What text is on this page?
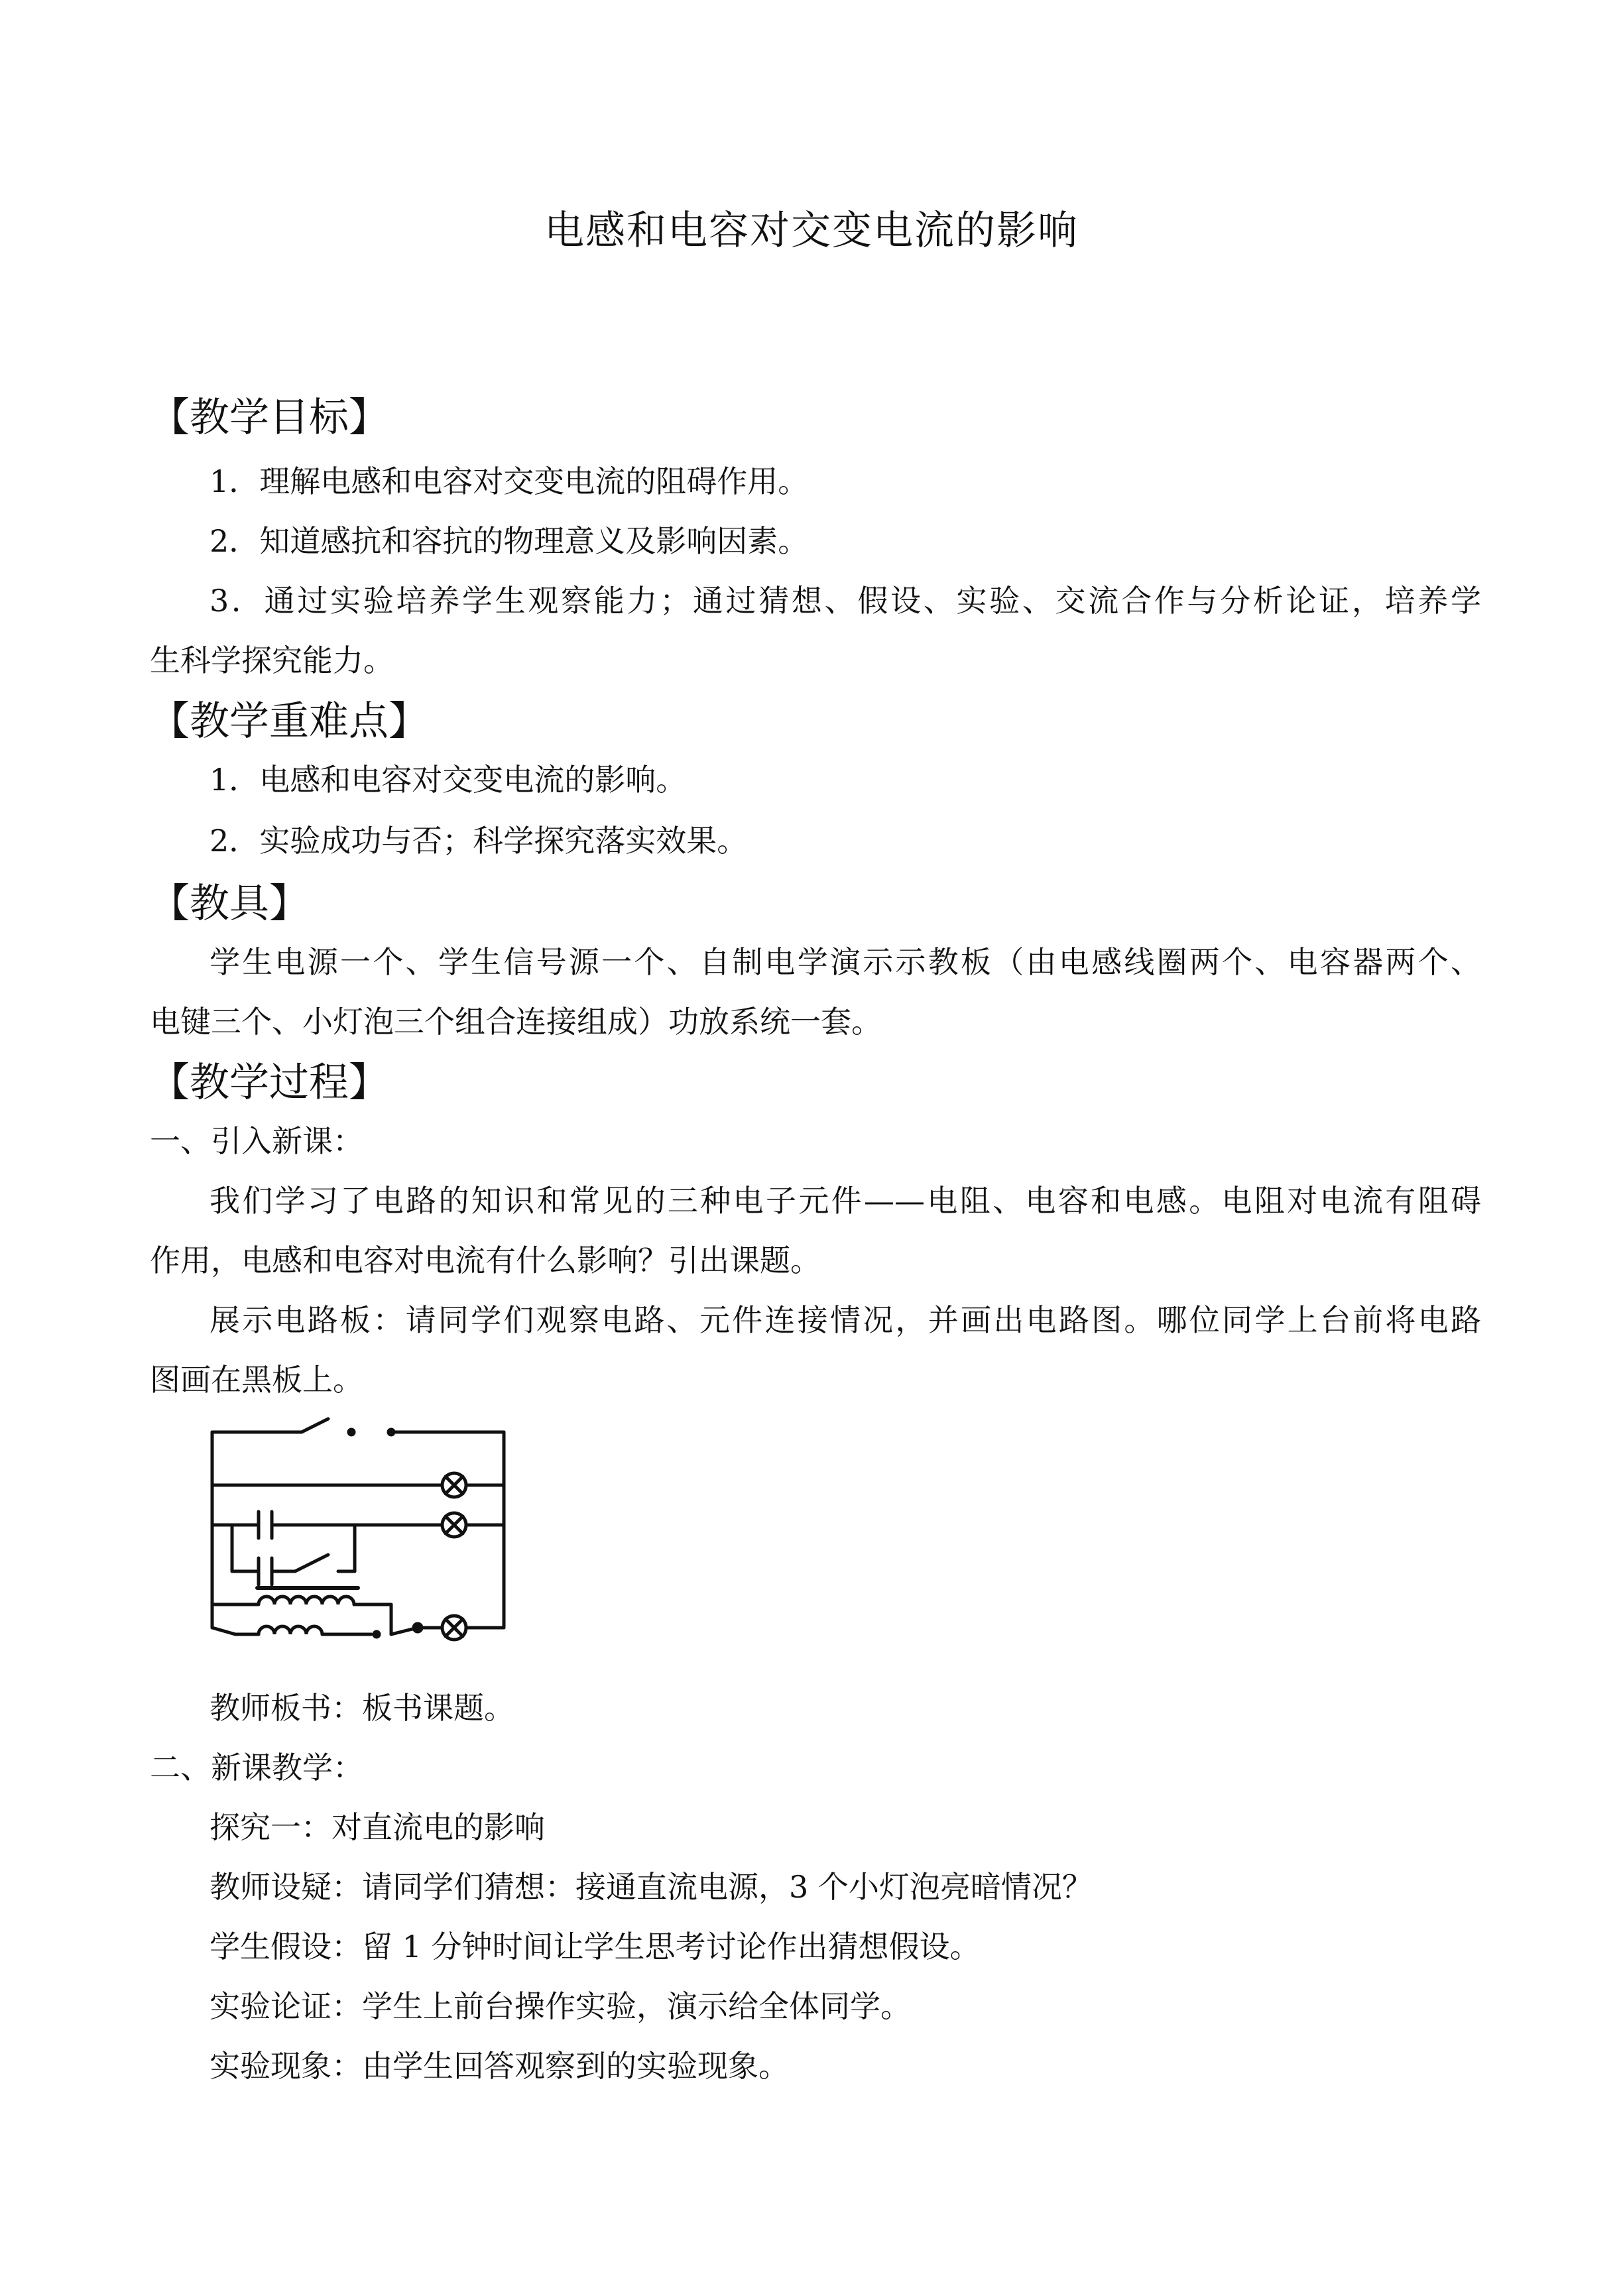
电感和电容对交变电流的影响
【教学目标】

1．理解电感和电容对交变电流的阻碍作用。

2．知道感抗和容抗的物理意义及影响因素。

3．通过实验培养学生观察能力；通过猜想、假设、实验、交流合作与分析论证，培养学

生科学探究能力。

【教学重难点】

1．电感和电容对交变电流的影响。

2．实验成功与否；科学探究落实效果。

【教具】

学生电源一个、学生信号源一个、自制电学演示示教板（由电感线圈两个、电容器两个、

电键三个、小灯泡三个组合连接组成）功放系统一套。

【教学过程】

一、引入新课：

我们学习了电路的知识和常见的三种电子元件——电阻、电容和电感。电阻对电流有阻碍

作用，电感和电容对电流有什么影响？引出课题。

展示电路板：请同学们观察电路、元件连接情况，并画出电路图。哪位同学上台前将电路

图画在黑板上。

教师板书：板书课题。

二、新课教学：

探究一：对直流电的影响

教师设疑：请同学们猜想：接通直流电源，3 个小灯泡亮暗情况？

学生假设：留 1 分钟时间让学生思考讨论作出猜想假设。

实验论证：学生上前台操作实验，演示给全体同学。

实验现象：由学生回答观察到的实验现象。
